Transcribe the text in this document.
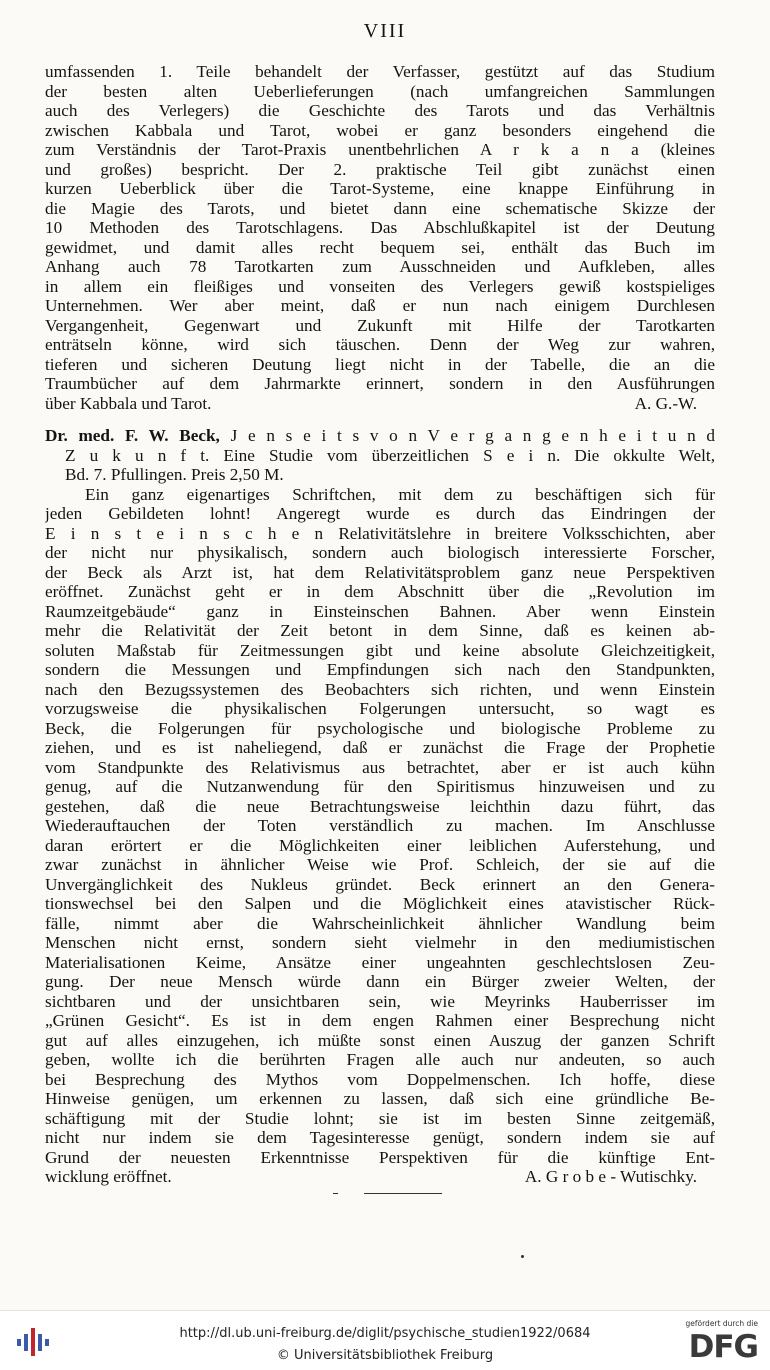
VIII
umfassenden 1. Teile behandelt der Verfasser, gestützt auf das Studium
der besten alten Ueberlieferungen (nach umfangreichen Sammlungen
auch des Verlegers) die Geschichte des Tarots und das Verhältnis
zwischen Kabbala und Tarot, wobei er ganz besonders eingehend die
zum Verständnis der Tarot-Praxis unentbehrlichen A r k a n a (kleines
und großes) bespricht. Der 2. praktische Teil gibt zunächst einen
kurzen Ueberblick über die Tarot-Systeme, eine knappe Einführung in
die Magie des Tarots, und bietet dann eine schematische Skizze der
10 Methoden des Tarotschlagens. Das Abschlußkapitel ist der Deutung
gewidmet, und damit alles recht bequem sei, enthält das Buch im
Anhang auch 78 Tarotkarten zum Ausschneiden und Aufkleben, alles
in allem ein fleißiges und vonseiten des Verlegers gewiß kostspieliges
Unternehmen. Wer aber meint, daß er nun nach einigem Durchlesen
Vergangenheit, Gegenwart und Zukunft mit Hilfe der Tarotkarten
enträtseln könne, wird sich täuschen. Denn der Weg zur wahren,
tieferen und sicheren Deutung liegt nicht in der Tabelle, die an die
Traumbücher auf dem Jahrmarkte erinnert, sondern in den Ausführungen
über Kabbala und Tarot.	A. G.-W.
Dr. med. F. W. Beck, J e n s e i t s v o n V e r g a n g e n h e i t u n d
Z u k u n f t. Eine Studie vom überzeitlichen S e i n. Die okkulte Welt,
Bd. 7. Pfullingen. Preis 2,50 M.
Ein ganz eigenartiges Schriftchen, mit dem zu beschäftigen sich für
jeden Gebildeten lohnt! Angeregt wurde es durch das Eindringen der
E i n s t e i n s c h e n Relativitätslehre in breitere Volksschichten, aber
der nicht nur physikalisch, sondern auch biologisch interessierte Forscher,
der Beck als Arzt ist, hat dem Relativitätsproblem ganz neue Perspektiven
eröffnet. Zunächst geht er in dem Abschnitt über die „Revolution im
Raumzeitgebäude“ ganz in Einsteinschen Bahnen. Aber wenn Einstein
mehr die Relativität der Zeit betont in dem Sinne, daß es keinen ab-
soluten Maßstab für Zeitmessungen gibt und keine absolute Gleichzeitigkeit,
sondern die Messungen und Empfindungen sich nach den Standpunkten,
nach den Bezugssystemen des Beobachters sich richten, und wenn Einstein
vorzugsweise die physikalischen Folgerungen untersucht, so wagt es
Beck, die Folgerungen für psychologische und biologische Probleme zu
ziehen, und es ist naheliegend, daß er zunächst die Frage der Prophetie
vom Standpunkte des Relativismus aus betrachtet, aber er ist auch kühn
genug, auf die Nutzanwendung für den Spiritismus hinzuweisen und zu
gestehen, daß die neue Betrachtungsweise leichthin dazu führt, das
Wiederauftauchen der Toten verständlich zu machen. Im Anschlusse
daran erörtert er die Möglichkeiten einer leiblichen Auferstehung, und
zwar zunächst in ähnlicher Weise wie Prof. Schleich, der sie auf die
Unvergänglichkeit des Nukleus gründet. Beck erinnert an den Genera-
tionswechsel bei den Salpen und die Möglichkeit eines atavistischer Rück-
fälle, nimmt aber die Wahrscheinlichkeit ähnlicher Wandlung beim
Menschen nicht ernst, sondern sieht vielmehr in den mediumistischen
Materialisationen Keime, Ansätze einer ungeahnten geschlechtslosen Zeu-
gung. Der neue Mensch würde dann ein Bürger zweier Welten, der
sichtbaren und der unsichtbaren sein, wie Meyrinks Hauberrisser im
„Grünen Gesicht“. Es ist in dem engen Rahmen einer Besprechung nicht
gut auf alles einzugehen, ich müßte sonst einen Auszug der ganzen Schrift
geben, wollte ich die berührten Fragen alle auch nur andeuten, so auch
bei Besprechung des Mythos vom Doppelmenschen. Ich hoffe, diese
Hinweise genügen, um erkennen zu lassen, daß sich eine gründliche Be-
schäftigung mit der Studie lohnt; sie ist im besten Sinne zeitgemäß,
nicht nur indem sie dem Tagesinteresse genügt, sondern indem sie auf
Grund der neuesten Erkenntnisse Perspektiven für die künftige Ent-
wicklung eröffnet.	A. G r o b e - Wutischky.
http://dl.ub.uni-freiburg.de/diglit/psychische_studien1922/0684
© Universitätsbibliothek Freiburg
gefördert durch die
DFG
